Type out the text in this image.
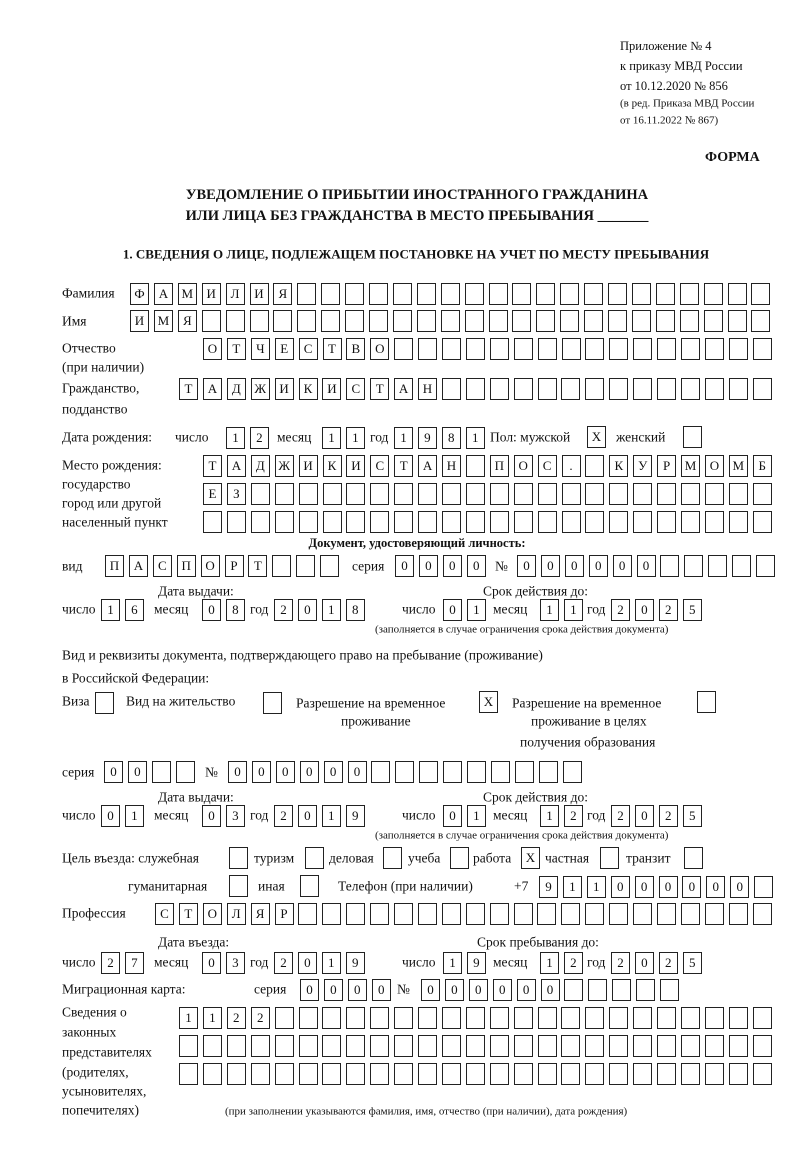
Приложение № 4
к приказу МВД России
от 10.12.2020 № 856
(в ред. Приказа МВД России
от 16.11.2022 № 867)
ФОРМА
УВЕДОМЛЕНИЕ О ПРИБЫТИИ ИНОСТРАННОГО ГРАЖДАНИНА
ИЛИ ЛИЦА БЕЗ ГРАЖДАНСТВА В МЕСТО ПРЕБЫВАНИЯ _______
1. СВЕДЕНИЯ О ЛИЦЕ, ПОДЛЕЖАЩЕМ ПОСТАНОВКЕ НА УЧЕТ ПО МЕСТУ ПРЕБЫВАНИЯ
Фамилия	Ф	А	М	И	Л	И	Я
Имя	И	М	Я
Отчество
(при наличии)
О	Т	Ч	Е	С	Т	В	О
Гражданство,
подданство
Т	А	Д	Ж	И	К	И	С	Т	А	Н
Дата рождения: число	1	2	месяц	1	1 год 1	9	8	1 Пол: мужской	X	женский
Место рождения:
государство
город или другой
населенный пункт
Т	А	Д	Ж	И	К	И	С	Т	А	Н	П	О	С	.	К	У	Р	М	О	М	Б
Е	З
Документ, удостоверяющий личность:
вид	П	А	С	П	О	Р	Т	серия	0	0	0	0	№	0	0	0	0	0	0
Дата выдачи:	Срок действия до:
число 1	6	месяц	0	8 год 2	0	1	8	число	0	1 месяц	1	1 год 2	0	2	5
(заполняется в случае ограничения срока действия документа)
Вид и реквизиты документа, подтверждающего право на пребывание (проживание)
в Российской Федерации:
Виза	Вид на жительство	Разрешение на временное
проживание
X	Разрешение на временное
проживание в целях
получения образования
серия	0	0	№	0	0	0	0	0	0
Дата выдачи:	Срок действия до:
число 0	1	месяц	0	3 год 2	0	1	9	число	0	1 месяц	1	2 год 2	0	2	5
(заполняется в случае ограничения срока действия документа)
Цель въезда: служебная	туризм	деловая	учеба работа	X частная	транзит
гуманитарная	иная	Телефон (при наличии)	+7	9	1	1	0	0	0	0	0	0
Профессия	С	Т	О	Л	Я	Р
Дата въезда:	Срок пребывания до:
число 2	7	месяц	0	3 год 2	0	1	9	число	1	9 месяц	1	2 год 2	0	2	5
Миграционная карта:	серия	0	0	0	0 №	0	0	0	0	0	0
Сведения о
законных
представителях
(родителях,
усыновителях,
попечителях)
1	1	2	2
(при заполнении указываются фамилия, имя, отчество (при наличии), дата рождения)
